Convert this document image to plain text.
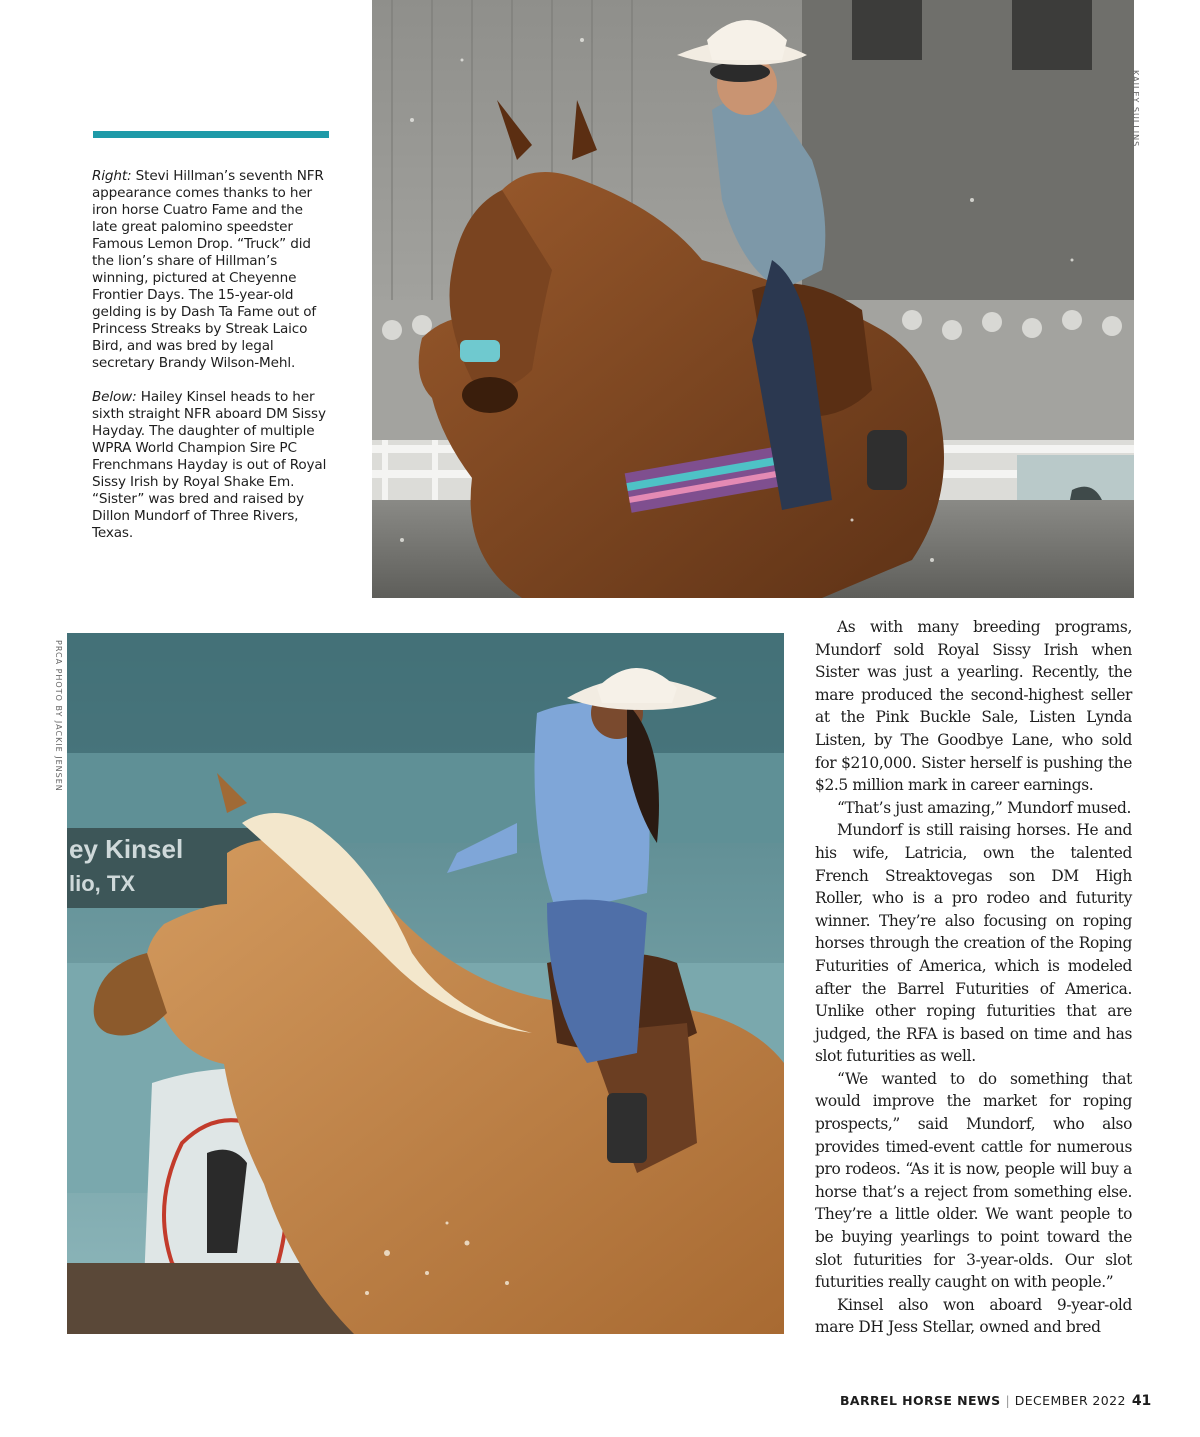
Right: Stevi Hillman’s seventh NFR appearance comes thanks to her iron horse Cuatro Fame and the late great palomino speedster Famous Lemon Drop. “Truck” did the lion’s share of Hillman’s winning, pictured at Cheyenne Frontier Days. The 15-year-old gelding is by Dash Ta Fame out of Princess Streaks by Streak Laico Bird, and was bred by legal secretary Brandy Wilson-Mehl.

Below: Hailey Kinsel heads to her sixth straight NFR aboard DM Sissy Hayday. The daughter of multiple WPRA World Champion Sire PC Frenchmans Hayday is out of Royal Sissy Irish by Royal Shake Em. “Sister” was bred and raised by Dillon Mundorf of Three Rivers, Texas.

KAILEY SULLINS
ey Kinsel
lio, TX
PRCA PHOTO BY JACKIE JENSEN

As with many breeding programs, Mundorf sold Royal Sissy Irish when Sister was just a yearling. Recently, the mare produced the second-highest seller at the Pink Buckle Sale, Listen Lynda Listen, by The Goodbye Lane, who sold for $210,000. Sister herself is pushing the $2.5 million mark in career earnings.

“That’s just amazing,” Mundorf mused.

Mundorf is still raising horses. He and his wife, Latricia, own the talented French Streaktovegas son DM High Roller, who is a pro rodeo and futurity winner. They’re also focusing on roping horses through the creation of the Roping Futurities of America, which is modeled after the Barrel Futurities of America. Unlike other roping futurities that are judged, the RFA is based on time and has slot futurities as well.

“We wanted to do something that would improve the market for roping prospects,” said Mundorf, who also provides timed-event cattle for numerous pro rodeos. “As it is now, people will buy a horse that’s a reject from something else. They’re a little older. We want people to be buying yearlings to point toward the slot futurities for 3-year-olds. Our slot futurities really caught on with people.”

Kinsel also won aboard 9-year-old mare DH Jess Stellar, owned and bred

BARREL HORSE NEWS | DECEMBER 2022 41
